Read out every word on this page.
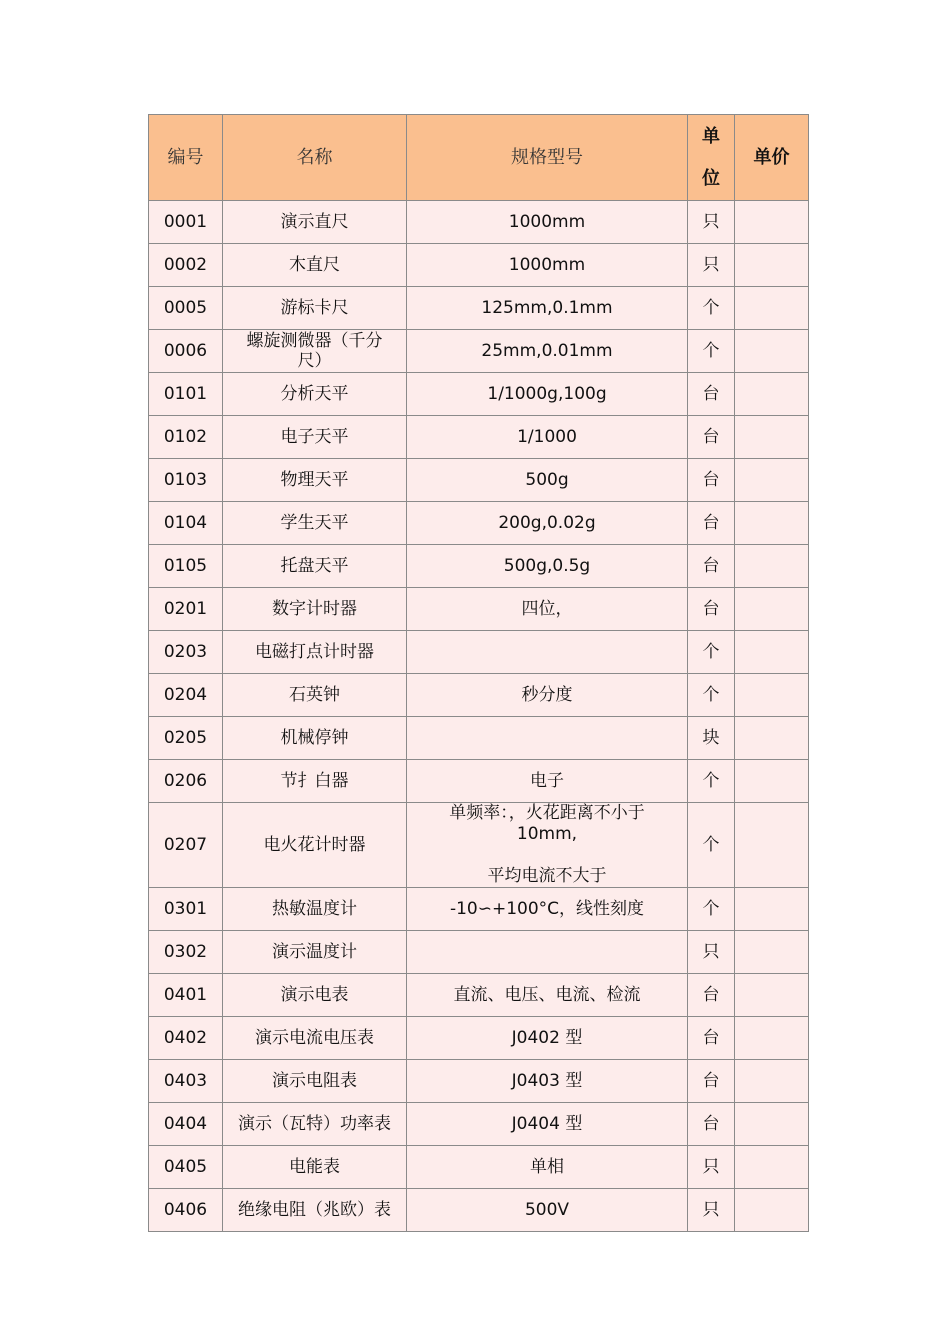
编号	名称	规格型号	单位	单价
0001	演示直尺	1000mm	只	
0002	木直尺	1000mm	只	
0005	游标卡尺	125mm,0.1mm	个	
0006	螺旋测微器（千分尺）	25mm,0.01mm	个	
0101	分析天平	1/1000g,100g	台	
0102	电子天平	1/1000	台	
0103	物理天平	500g	台	
0104	学生天平	200g,0.02g	台	
0105	托盘天平	500g,0.5g	台	
0201	数字计时器	四位，	台	
0203	电磁打点计时器		个	
0204	石英钟	秒分度	个	
0205	机械停钟		块	
0206	节扌白器	电子	个	
0207	电火花计时器	单频率：，火花距离不小于
10mm,
平均电流不大于	个	
0301	热敏温度计	-10∽+100°C，线性刻度	个	
0302	演示温度计		只	
0401	演示电表	直流、电压、电流、检流	台	
0402	演示电流电压表	J0402 型	台	
0403	演示电阻表	J0403 型	台	
0404	演示（瓦特）功率表	J0404 型	台	
0405	电能表	单相	只	
0406	绝缘电阻（兆欧）表	500V	只	
